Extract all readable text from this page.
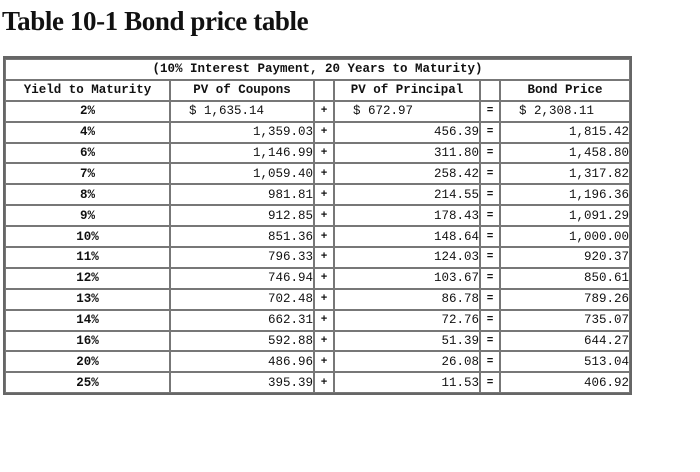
Table 10-1 Bond price table
(10% Interest Payment, 20 Years to Maturity)					
Yield to Maturity	PV of Coupons		PV of Principal		Bond Price
2%	$ 1,635.14	+	$ 672.97	=	$ 2,308.11
4%	1,359.03	+	456.39	=	1,815.42
6%	1,146.99	+	311.80	=	1,458.80
7%	1,059.40	+	258.42	=	1,317.82
8%	981.81	+	214.55	=	1,196.36
9%	912.85	+	178.43	=	1,091.29
10%	851.36	+	148.64	=	1,000.00
11%	796.33	+	124.03	=	920.37
12%	746.94	+	103.67	=	850.61
13%	702.48	+	86.78	=	789.26
14%	662.31	+	72.76	=	735.07
16%	592.88	+	51.39	=	644.27
20%	486.96	+	26.08	=	513.04
25%	395.39	+	11.53	=	406.92
